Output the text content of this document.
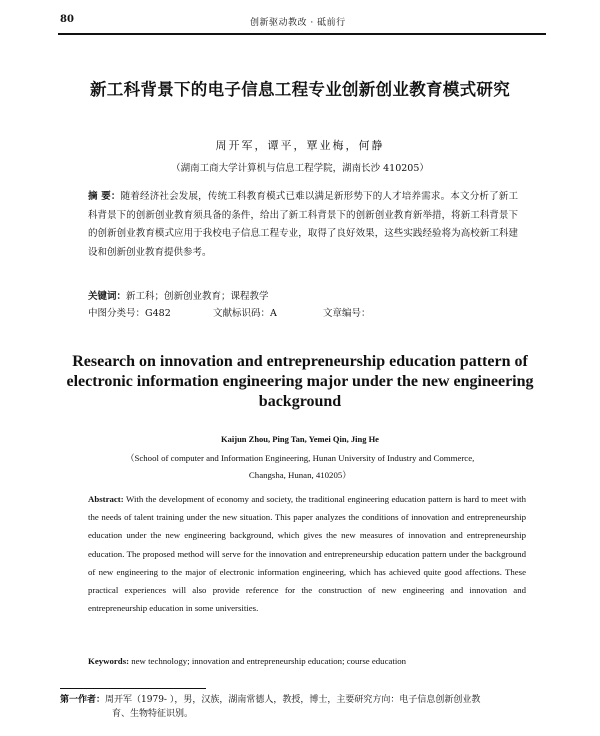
80	创新驱动教改 · 砥前行
新工科背景下的电子信息工程专业创新创业教育模式研究
周开军，谭平，覃业梅，何静
（湖南工商大学计算机与信息工程学院，湖南长沙 410205）
摘 要：随着经济社会发展，传统工科教育模式已难以满足新形势下的人才培养需求。本文分析了新工科背景下的创新创业教育须具备的条件，给出了新工科背景下的创新创业教育新举措，将新工科背景下的创新创业教育模式应用于我校电子信息工程专业，取得了良好效果，这些实践经验将为高校新工科建设和创新创业教育提供参考。
关键词：新工科；创新创业教育；课程教学
中图分类号：G482	文献标识码：A	文章编号：
Research on innovation and entrepreneurship education pattern of electronic information engineering major under the new engineering background
Kaijun Zhou, Ping Tan, Yemei Qin, Jing He
（School of computer and Information Engineering, Hunan University of Industry and Commerce,
Changsha, Hunan, 410205）
Abstract: With the development of economy and society, the traditional engineering education pattern is hard to meet with the needs of talent training under the new situation. This paper analyzes the conditions of innovation and entrepreneurship education under the new engineering background, which gives the new measures of innovation and entrepreneurship education. The proposed method will serve for the innovation and entrepreneurship education pattern under the background of new engineering to the major of electronic information engineering, which has achieved quite good affections. These practical experiences will also provide reference for the construction of new engineering and innovation and entrepreneurship education in some universities.
Keywords: new technology; innovation and entrepreneurship education; course education
第一作者：周开军（1979- ），男，汉族，湖南常德人，教授，博士，主要研究方向：电子信息创新创业教
育、生物特征识别。
